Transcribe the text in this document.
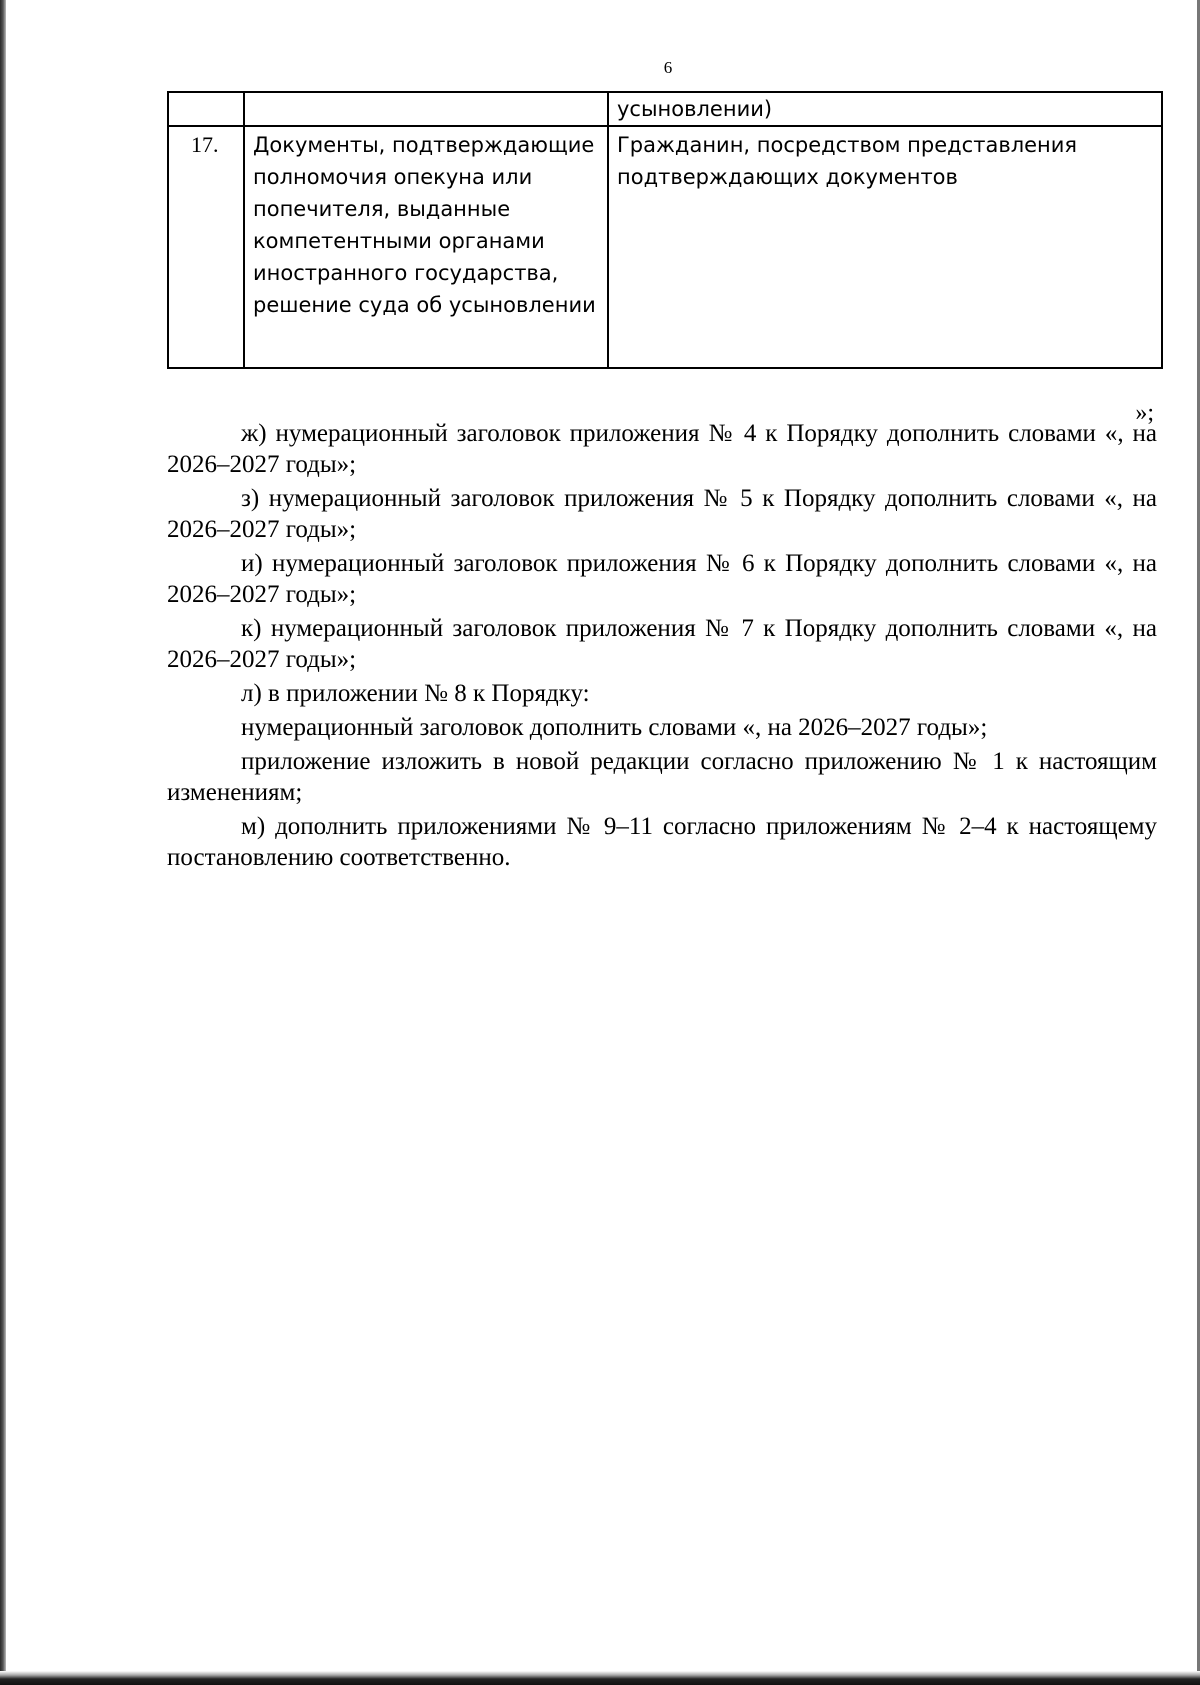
6
		усыновлении)

17.	Документы, подтверждающие полномочия опекуна или попечителя, выданные компетентными органами иностранного государства, решение суда об усыновлении	Гражданин, посредством представления подтверждающих документов
»;

ж) нумерационный заголовок приложения № 4 к Порядку дополнить словами «, на 2026–2027 годы»;

з) нумерационный заголовок приложения № 5 к Порядку дополнить словами «, на 2026–2027 годы»;

и) нумерационный заголовок приложения № 6 к Порядку дополнить словами «, на 2026–2027 годы»;

к) нумерационный заголовок приложения № 7 к Порядку дополнить словами «, на 2026–2027 годы»;

л) в приложении № 8 к Порядку:

нумерационный заголовок дополнить словами «, на 2026–2027 годы»;

приложение изложить в новой редакции согласно приложению № 1 к настоящим изменениям;

м) дополнить приложениями № 9–11 согласно приложениям № 2–4 к настоящему постановлению соответственно.
